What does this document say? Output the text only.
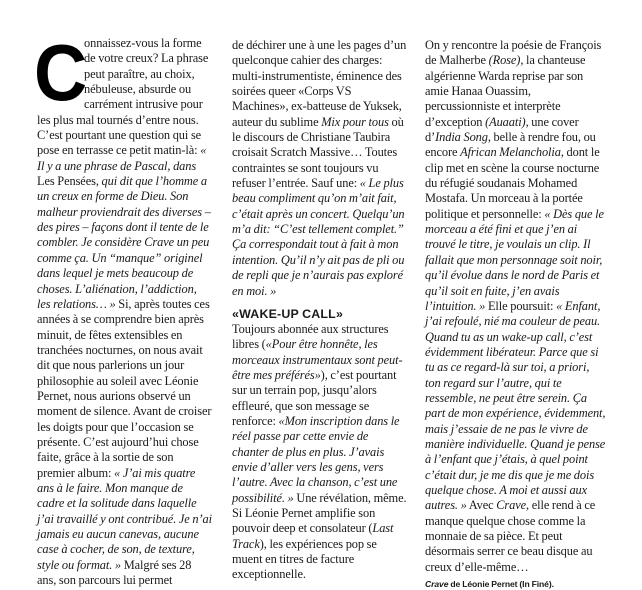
C
onnaissez-vous la forme de votre creux? La phrase peut paraître, au choix, nébuleuse, absurde ou carrément intrusive pour les plus mal tournés d’entre nous. C’est pourtant une question qui se pose en terrasse ce petit matin-là: « Il y a une phrase de Pascal, dans Les Pensées, qui dit que l’homme a un creux en forme de Dieu. Son malheur proviendrait des diverses – des pires – façons dont il tente de le combler. Je considère Crave un peu comme ça. Un “manque” originel dans lequel je mets beaucoup de choses. L’aliénation, l’addiction, les relations… » Si, après toutes ces années à se comprendre bien après minuit, de fêtes extensibles en tranchées nocturnes, on nous avait dit que nous parlerions un jour philosophie au soleil avec Léonie Pernet, nous aurions observé un moment de silence. Avant de croiser les doigts pour que l’occasion se présente. C’est aujourd’hui chose faite, grâce à la sortie de son premier album: « J’ai mis quatre ans à le faire. Mon manque de cadre et la solitude dans laquelle j’ai travaillé y ont contribué. Je n’ai jamais eu aucun canevas, aucune case à cocher, de son, de texture, style ou format. » Malgré ses 28 ans, son parcours lui permet

de déchirer une à une les pages d’un quelconque cahier des charges: multi-instrumentiste, éminence des soirées queer «Corps VS Machines», ex-batteuse de Yuksek, auteur du sublime Mix pour tous où le discours de Christiane Taubira croisait Scratch Massive… Toutes contraintes se sont toujours vu refuser l’entrée. Sauf une: « Le plus beau compliment qu’on m’ait fait, c’était après un concert. Quelqu’un m’a dit: “C’est tellement complet.” Ça correspondait tout à fait à mon intention. Qu’il n’y ait pas de pli ou de repli que je n’aurais pas exploré en moi. »

«WAKE-UP CALL»

Toujours abonnée aux structures libres («Pour être honnête, les morceaux instrumentaux sont peut-être mes préférés»), c’est pourtant sur un terrain pop, jusqu’alors effleuré, que son message se renforce: «Mon inscription dans le réel passe par cette envie de chanter de plus en plus. J’avais envie d’aller vers les gens, vers l’autre. Avec la chanson, c’est une possibilité. » Une révélation, même. Si Léonie Pernet amplifie son pouvoir deep et consolateur (Last Track), les expériences pop se muent en titres de facture exceptionnelle.

On y rencontre la poésie de François de Malherbe (Rose), la chanteuse algérienne Warda reprise par son amie Hanaa Ouassim, percussionniste et interprète d’exception (Auaati), une cover d’India Song, belle à rendre fou, ou encore African Melancholia, dont le clip met en scène la course nocturne du réfugié soudanais Mohamed Mostafa. Un morceau à la portée politique et personnelle: « Dès que le morceau a été fini et que j’en ai trouvé le titre, je voulais un clip. Il fallait que mon personnage soit noir, qu’il évolue dans le nord de Paris et qu’il soit en fuite, j’en avais l’intuition. » Elle poursuit: « Enfant, j’ai refoulé, nié ma couleur de peau. Quand tu as un wake-up call, c’est évidemment libérateur. Parce que si tu as ce regard-là sur toi, a priori, ton regard sur l’autre, qui te ressemble, ne peut être serein. Ça part de mon expérience, évidemment, mais j’essaie de ne pas le vivre de manière individuelle. Quand je pense à l’enfant que j’étais, à quel point c’était dur, je me dis que je me dois quelque chose. A moi et aussi aux autres. » Avec Crave, elle rend à ce manque quelque chose comme la monnaie de sa pièce. Et peut désormais serrer ce beau disque au creux d’elle-même…

Crave de Léonie Pernet (In Finé).
